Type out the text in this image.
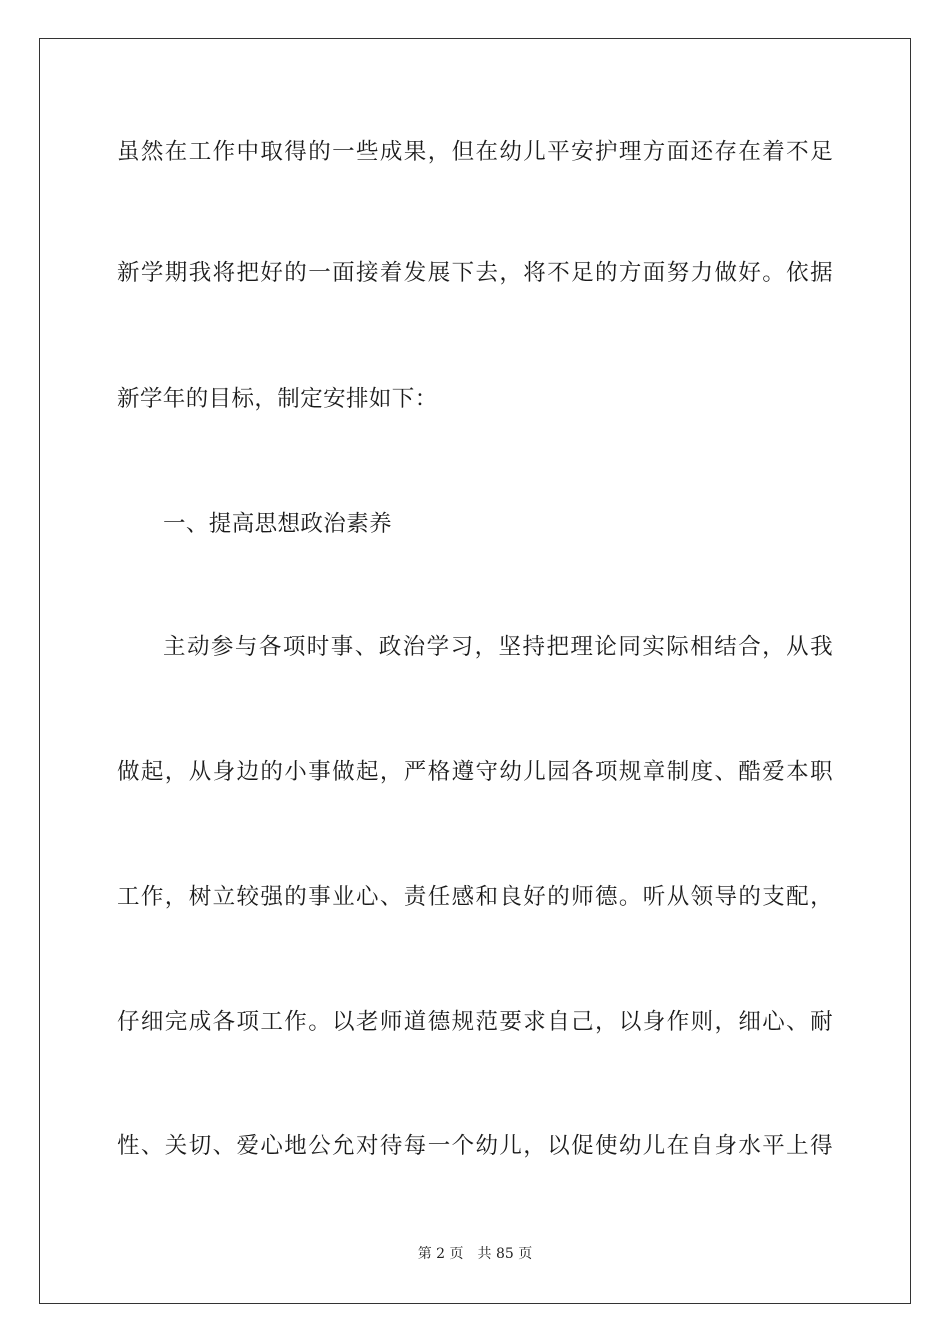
虽然在工作中取得的一些成果，但在幼儿平安护理方面还存在着不足
新学期我将把好的一面接着发展下去，将不足的方面努力做好。依据
新学年的目标，制定安排如下：
一、提高思想政治素养
主动参与各项时事、政治学习，坚持把理论同实际相结合，从我
做起，从身边的小事做起，严格遵守幼儿园各项规章制度、酷爱本职
工作，树立较强的事业心、责任感和良好的师德。听从领导的支配，
仔细完成各项工作。以老师道德规范要求自己，以身作则，细心、耐
性、关切、爱心地公允对待每一个幼儿，以促使幼儿在自身水平上得
第 2 页 共 85 页
